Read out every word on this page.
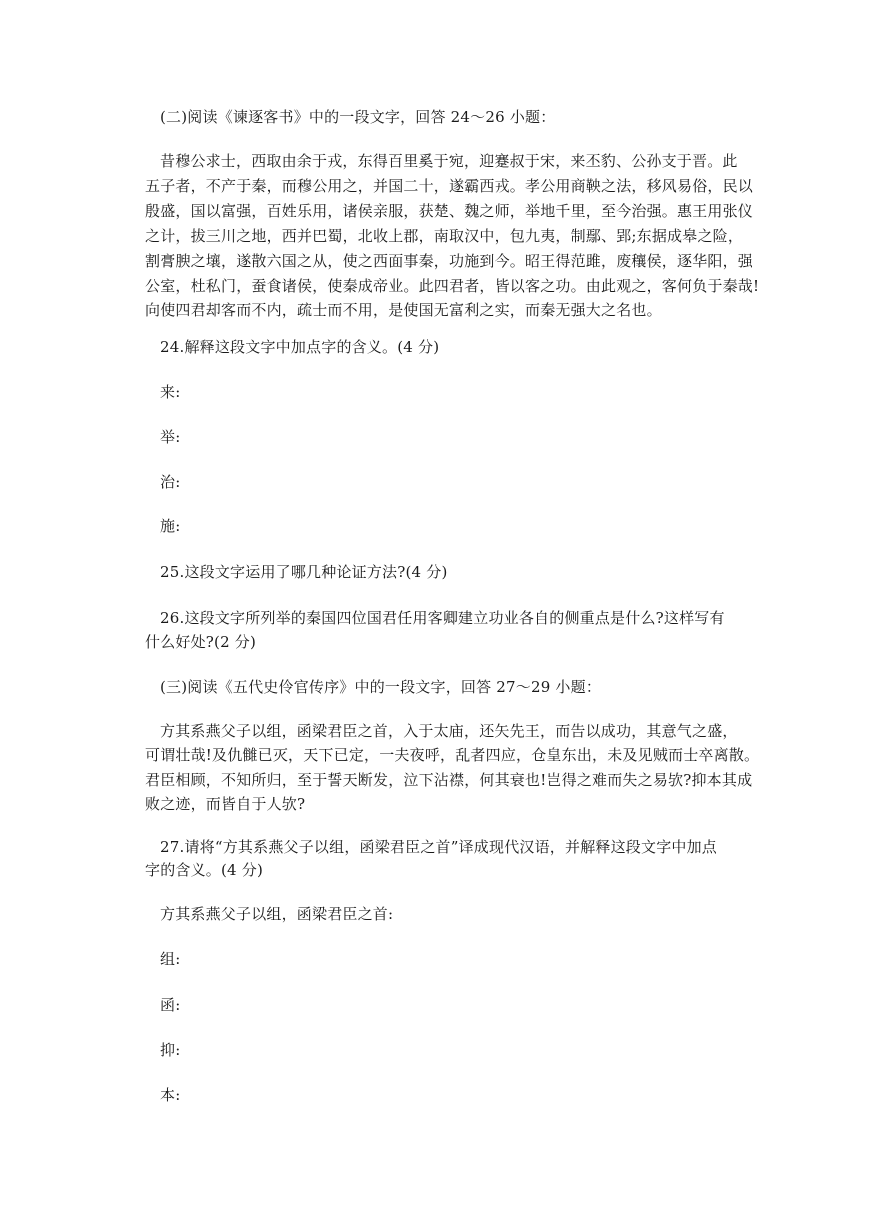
(二)阅读《谏逐客书》中的一段文字，回答 24～26 小题：
昔穆公求士，西取由余于戎，东得百里奚于宛，迎蹇叔于宋，来丕豹、公孙支于晋。此
五子者，不产于秦，而穆公用之，并国二十，遂霸西戎。孝公用商鞅之法，移风易俗，民以
殷盛，国以富强，百姓乐用，诸侯亲服，获楚、魏之师，举地千里，至今治强。惠王用张仪
之计，拔三川之地，西并巴蜀，北收上郡，南取汉中，包九夷，制鄢、郢;东据成皋之险，
割膏腴之壤，遂散六国之从，使之西面事秦，功施到今。昭王得范雎，废穰侯，逐华阳，强
公室，杜私门，蚕食诸侯，使秦成帝业。此四君者，皆以客之功。由此观之，客何负于秦哉!
向使四君却客而不内，疏士而不用，是使国无富利之实，而秦无强大之名也。
24.解释这段文字中加点字的含义。(4 分)
来:
举:
治:
施:
25.这段文字运用了哪几种论证方法?(4 分)
26.这段文字所列举的秦国四位国君任用客卿建立功业各自的侧重点是什么?这样写有
什么好处?(2 分)
(三)阅读《五代史伶官传序》中的一段文字，回答 27～29 小题：
方其系燕父子以组，函梁君臣之首，入于太庙，还矢先王，而告以成功，其意气之盛，
可谓壮哉!及仇雠已灭，天下已定，一夫夜呼，乱者四应，仓皇东出，未及见贼而士卒离散。
君臣相顾，不知所归，至于誓天断发，泣下沾襟，何其衰也!岂得之难而失之易欤?抑本其成
败之迹，而皆自于人欤?
27.请将“方其系燕父子以组，函梁君臣之首”译成现代汉语，并解释这段文字中加点
字的含义。(4 分)
方其系燕父子以组，函梁君臣之首:
组:
函:
抑:
本:
